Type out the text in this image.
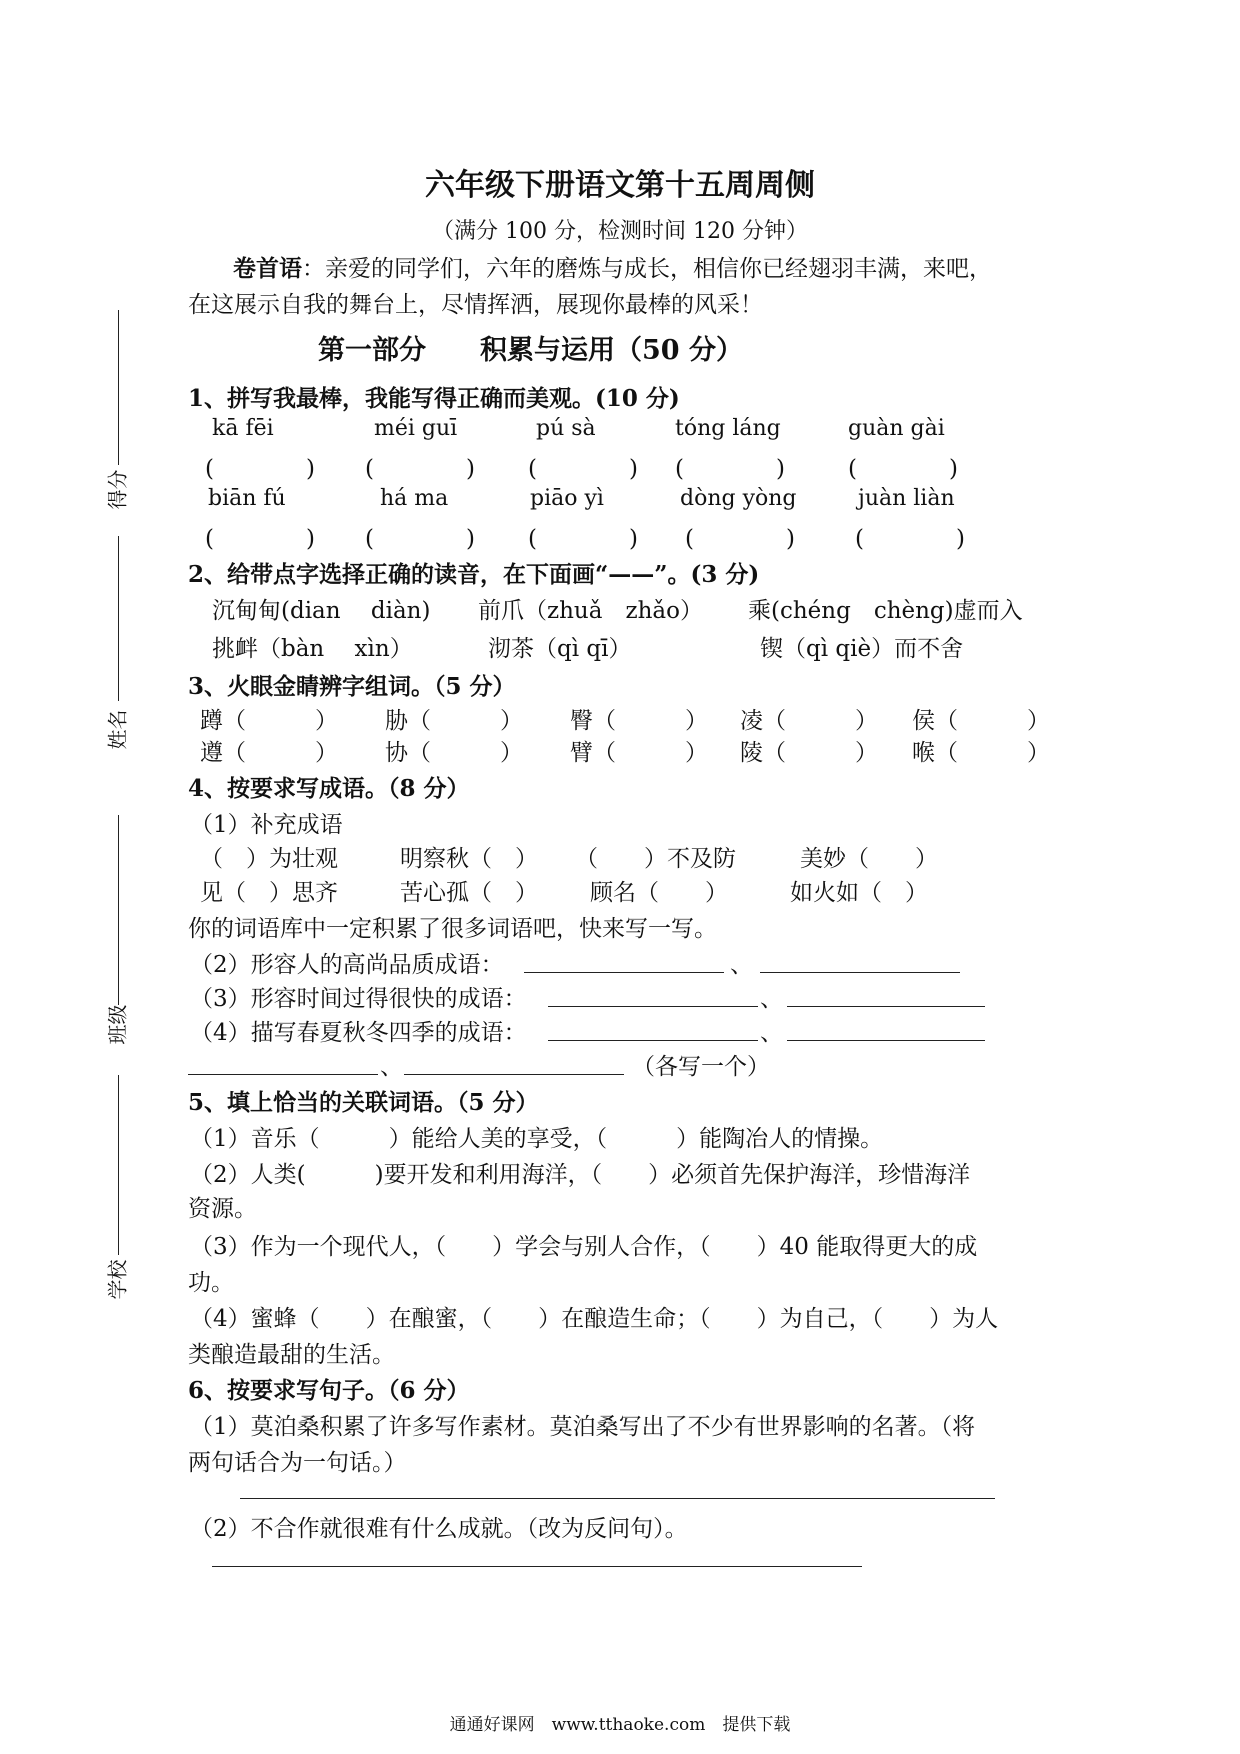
六年级下册语文第十五周周侧
（满分 100 分，检测时间 120 分钟）
卷首语：亲爱的同学们，六年的磨炼与成长，相信你已经翅羽丰满，来吧，
在这展示自我的舞台上，尽情挥洒，展现你最棒的风采！
得分
姓名
班级
学校
第一部分　　积累与运用（50 分）
1、拼写我最棒，我能写得正确而美观。(10 分)
kā fēi	méi guī	pú sà	tóng láng	guàn gài
(　　　　) (　　　　) (　　　　) (　　　　)	(　　　　)
biān fú	há ma	piāo yì	dòng yòng	juàn liàn
(　　　　) (　　　　) (　　　　) (　　　　)	(　　　　)
2、给带点字选择正确的读音，在下面画“——”。(3 分)
沉甸甸(dian　 diàn) 前爪（zhuǎ　zhǎo） 乘(chéng　chèng)虚而入
挑衅（bàn　 xìn）	沏茶（qì qī）	锲（qì qiè）而不舍
3、火眼金睛辨字组词。（5 分）
蹲（　　　） 胁（　　　） 臀（　　　） 凌（　　　） 侯（　　　）
遵（　　　） 协（　　　） 臂（　　　） 陵（　　　） 喉（　　　）
4、按要求写成语。（8 分）
（1）补充成语
（　）为壮观	明察秋（　） （　　）不及防	美妙（　　）
见（　）思齐	苦心孤（　） 顾名（　　）	如火如（　）
你的词语库中一定积累了很多词语吧，快来写一写。
（2）形容人的高尚品质成语：	、
（3）形容时间过得很快的成语：	、
（4）描写春夏秋冬四季的成语：	、
、	（各写一个）
5、填上恰当的关联词语。（5 分）
（1）音乐（　　　）能给人美的享受，（　　　）能陶冶人的情操。
（2）人类(　　　)要开发和利用海洋，（　　）必须首先保护海洋，珍惜海洋
资源。
（3）作为一个现代人，（　　）学会与别人合作，（　　）40 能取得更大的成
功。
（4）蜜蜂（　　）在酿蜜，（　　）在酿造生命；（　　）为自己，（　　）为人
类酿造最甜的生活。
6、按要求写句子。（6 分）
（1）莫泊桑积累了许多写作素材。莫泊桑写出了不少有世界影响的名著。（将
两句话合为一句话。）
（2）不合作就很难有什么成就。（改为反问句）。
通通好课网　www.tthaoke.com　提供下载
